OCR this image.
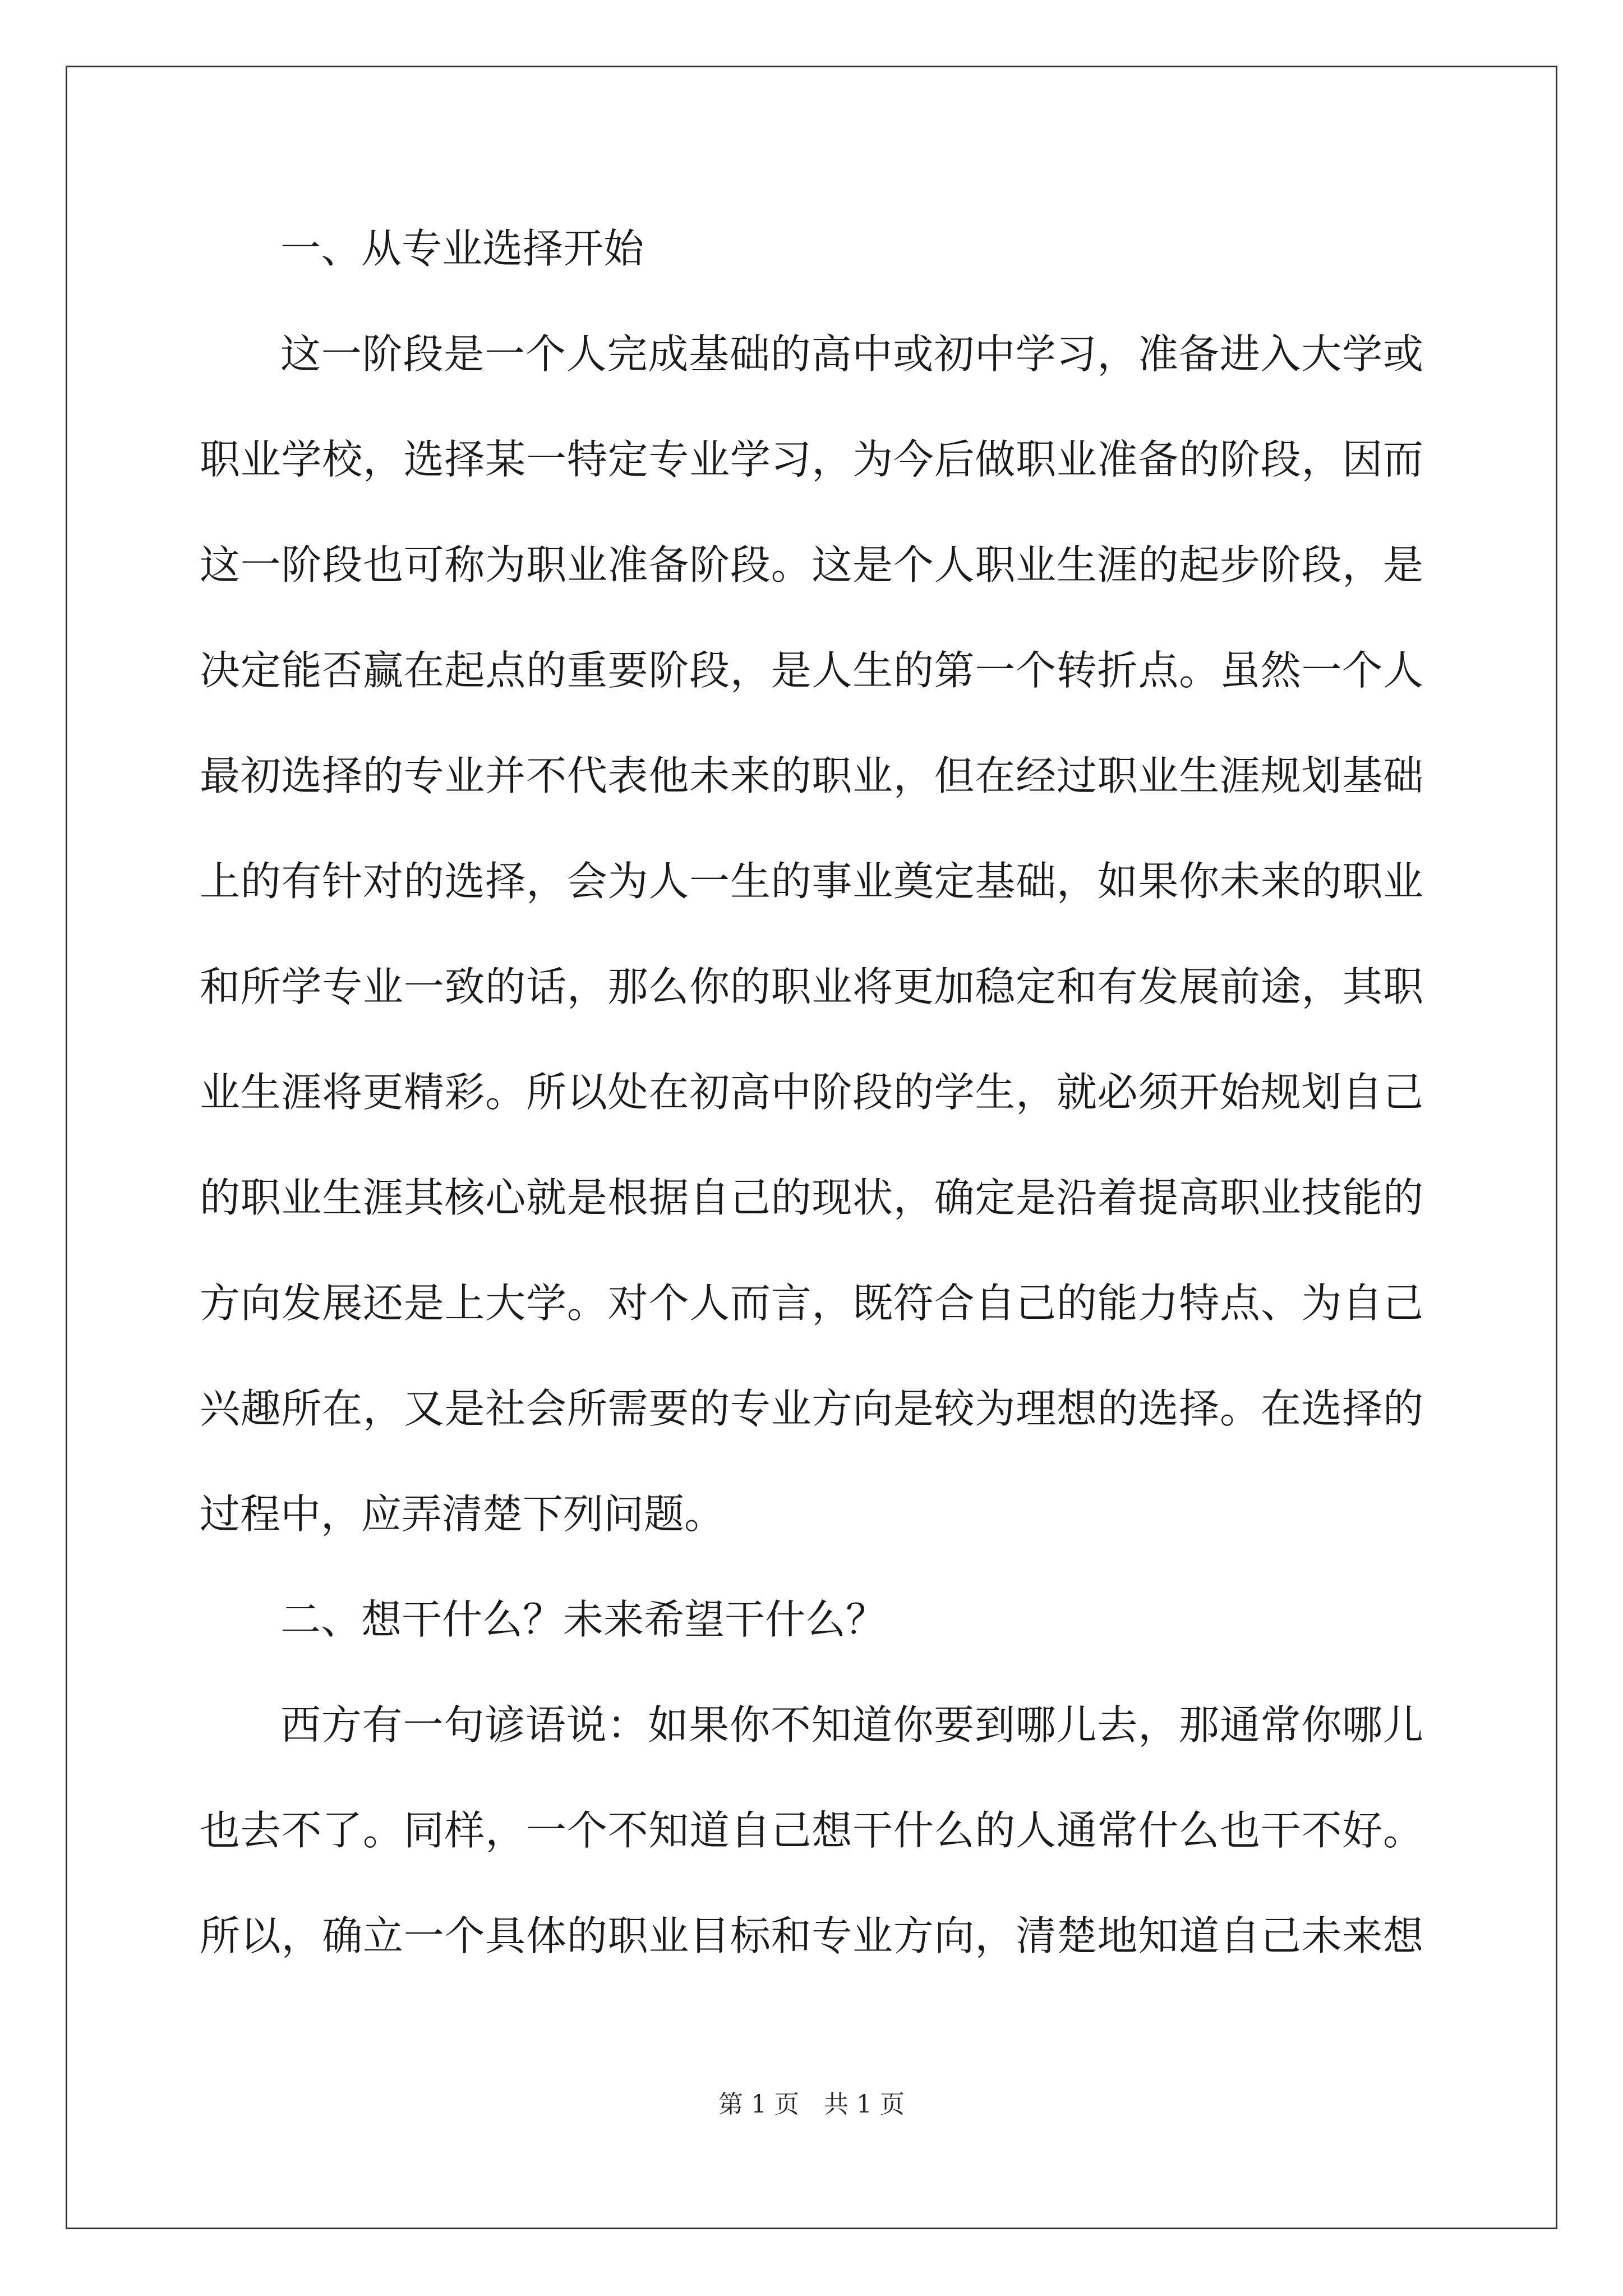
一、从专业选择开始
这一阶段是一个人完成基础的高中或初中学习，准备进入大学或
职业学校，选择某一特定专业学习，为今后做职业准备的阶段，因而
这一阶段也可称为职业准备阶段。这是个人职业生涯的起步阶段，是
决定能否赢在起点的重要阶段，是人生的第一个转折点。虽然一个人
最初选择的专业并不代表他未来的职业，但在经过职业生涯规划基础
上的有针对的选择，会为人一生的事业奠定基础，如果你未来的职业
和所学专业一致的话，那么你的职业将更加稳定和有发展前途，其职
业生涯将更精彩。所以处在初高中阶段的学生，就必须开始规划自己
的职业生涯其核心就是根据自己的现状，确定是沿着提高职业技能的
方向发展还是上大学。对个人而言，既符合自己的能力特点、为自己
兴趣所在，又是社会所需要的专业方向是较为理想的选择。在选择的
过程中，应弄清楚下列问题。
二、想干什么？未来希望干什么？
西方有一句谚语说：如果你不知道你要到哪儿去，那通常你哪儿
也去不了。同样，一个不知道自己想干什么的人通常什么也干不好。
所以，确立一个具体的职业目标和专业方向，清楚地知道自己未来想
第 1 页　共 1 页
